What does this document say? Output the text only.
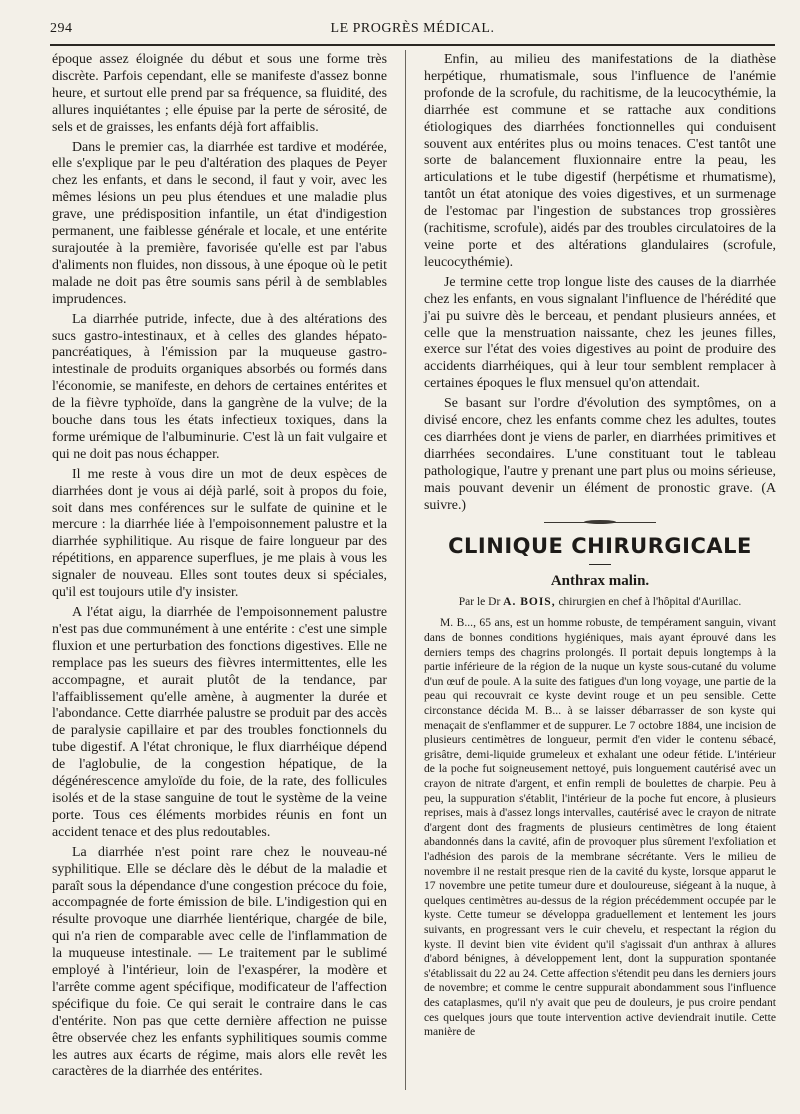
294	LE PROGRÈS MÉDICAL.

époque assez éloignée du début et sous une forme très discrète. Parfois cependant, elle se manifeste d'assez bonne heure, et surtout elle prend par sa fréquence, sa fluidité, des allures inquiétantes ; elle épuise par la perte de sérosité, de sels et de graisses, les enfants déjà fort affaiblis.

Dans le premier cas, la diarrhée est tardive et modérée, elle s'explique par le peu d'altération des plaques de Peyer chez les enfants, et dans le second, il faut y voir, avec les mêmes lésions un peu plus étendues et une maladie plus grave, une prédisposition infantile, un état d'indigestion permanent, une faiblesse générale et locale, et une entérite surajoutée à la première, favorisée qu'elle est par l'abus d'aliments non fluides, non dissous, à une époque où le petit malade ne doit pas être soumis sans péril à de semblables imprudences.

La diarrhée putride, infecte, due à des altérations des sucs gastro-intestinaux, et à celles des glandes hépato-pancréatiques, à l'émission par la muqueuse gastro-intestinale de produits organiques absorbés ou formés dans l'économie, se manifeste, en dehors de certaines entérites et de la fièvre typhoïde, dans la gangrène de la vulve; de la bouche dans tous les états infectieux toxiques, dans la forme urémique de l'albuminurie. C'est là un fait vulgaire et qui ne doit pas nous échapper.

Il me reste à vous dire un mot de deux espèces de diarrhées dont je vous ai déjà parlé, soit à propos du foie, soit dans mes conférences sur le sulfate de quinine et le mercure : la diarrhée liée à l'empoisonnement palustre et la diarrhée syphilitique. Au risque de faire longueur par des répétitions, en apparence superflues, je me plais à vous les signaler de nouveau. Elles sont toutes deux si spéciales, qu'il est toujours utile d'y insister.

A l'état aigu, la diarrhée de l'empoisonnement palustre n'est pas due communément à une entérite : c'est une simple fluxion et une perturbation des fonctions digestives. Elle ne remplace pas les sueurs des fièvres intermittentes, elle les accompagne, et aurait plutôt de la tendance, par l'affaiblissement qu'elle amène, à augmenter la durée et l'abondance. Cette diarrhée palustre se produit par des accès de paralysie capillaire et par des troubles fonctionnels du tube digestif. A l'état chronique, le flux diarrhéique dépend de l'aglobulie, de la congestion hépatique, de la dégénérescence amyloïde du foie, de la rate, des follicules isolés et de la stase sanguine de tout le système de la veine porte. Tous ces éléments morbides réunis en font un accident tenace et des plus redoutables.

La diarrhée n'est point rare chez le nouveau-né syphilitique. Elle se déclare dès le début de la maladie et paraît sous la dépendance d'une congestion précoce du foie, accompagnée de forte émission de bile. L'indigestion qui en résulte provoque une diarrhée lientérique, chargée de bile, qui n'a rien de comparable avec celle de l'inflammation de la muqueuse intestinale. — Le traitement par le sublimé employé à l'intérieur, loin de l'exaspérer, la modère et l'arrête comme agent spécifique, modificateur de l'affection spécifique du foie. Ce qui serait le contraire dans le cas d'entérite. Non pas que cette dernière affection ne puisse être observée chez les enfants syphilitiques soumis comme les autres aux écarts de régime, mais alors elle revêt les caractères de la diarrhée des entérites.

Enfin, au milieu des manifestations de la diathèse herpétique, rhumatismale, sous l'influence de l'anémie profonde de la scrofule, du rachitisme, de la leucocythémie, la diarrhée est commune et se rattache aux conditions étiologiques des diarrhées fonctionnelles qui conduisent souvent aux entérites plus ou moins tenaces. C'est tantôt une sorte de balancement fluxionnaire entre la peau, les articulations et le tube digestif (herpétisme et rhumatisme), tantôt un état atonique des voies digestives, et un surmenage de l'estomac par l'ingestion de substances trop grossières (rachitisme, scrofule), aidés par des troubles circulatoires de la veine porte et des altérations glandulaires (scrofule, leucocythémie).

Je termine cette trop longue liste des causes de la diarrhée chez les enfants, en vous signalant l'influence de l'hérédité que j'ai pu suivre dès le berceau, et pendant plusieurs années, et celle que la menstruation naissante, chez les jeunes filles, exerce sur l'état des voies digestives au point de produire des accidents diarrhéiques, qui à leur tour semblent remplacer à certaines époques le flux mensuel qu'on attendait.

Se basant sur l'ordre d'évolution des symptômes, on a divisé encore, chez les enfants comme chez les adultes, toutes ces diarrhées dont je viens de parler, en diarrhées primitives et diarrhées secondaires. L'une constituant tout le tableau pathologique, l'autre y prenant une part plus ou moins sérieuse, mais pouvant devenir un élément de pronostic grave. (A suivre.)

CLINIQUE CHIRURGICALE
Anthrax malin.
Par le Dr A. BOIS, chirurgien en chef à l'hôpital d'Aurillac.

M. B..., 65 ans, est un homme robuste, de tempérament sanguin, vivant dans de bonnes conditions hygiéniques, mais ayant éprouvé dans les derniers temps des chagrins prolongés. Il portait depuis longtemps à la partie inférieure de la région de la nuque un kyste sous-cutané du volume d'un œuf de poule. A la suite des fatigues d'un long voyage, une partie de la peau qui recouvrait ce kyste devint rouge et un peu sensible. Cette circonstance décida M. B... à se laisser débarrasser de son kyste qui menaçait de s'enflammer et de suppurer. Le 7 octobre 1884, une incision de plusieurs centimètres de longueur, permit d'en vider le contenu sébacé, grisâtre, demi-liquide grumeleux et exhalant une odeur fétide. L'intérieur de la poche fut soigneusement nettoyé, puis longuement cautérisé avec un crayon de nitrate d'argent, et enfin rempli de boulettes de charpie. Peu à peu, la suppuration s'établit, l'intérieur de la poche fut encore, à plusieurs reprises, mais à d'assez longs intervalles, cautérisé avec le crayon de nitrate d'argent dont des fragments de plusieurs centimètres de long étaient abandonnés dans la cavité, afin de provoquer plus sûrement l'exfoliation et l'adhésion des parois de la membrane sécrétante. Vers le milieu de novembre il ne restait presque rien de la cavité du kyste, lorsque apparut le 17 novembre une petite tumeur dure et douloureuse, siégeant à la nuque, à quelques centimètres au-dessus de la région précédemment occupée par le kyste. Cette tumeur se développa graduellement et lentement les jours suivants, en progressant vers le cuir chevelu, et respectant la région du kyste. Il devint bien vite évident qu'il s'agissait d'un anthrax à allures d'abord bénignes, à développement lent, dont la suppuration spontanée s'établissait du 22 au 24. Cette affection s'étendit peu dans les derniers jours de novembre; et comme le centre suppurait abondamment sous l'influence des cataplasmes, qu'il n'y avait que peu de douleurs, je pus croire pendant ces quelques jours que toute intervention active deviendrait inutile. Cette manière de
